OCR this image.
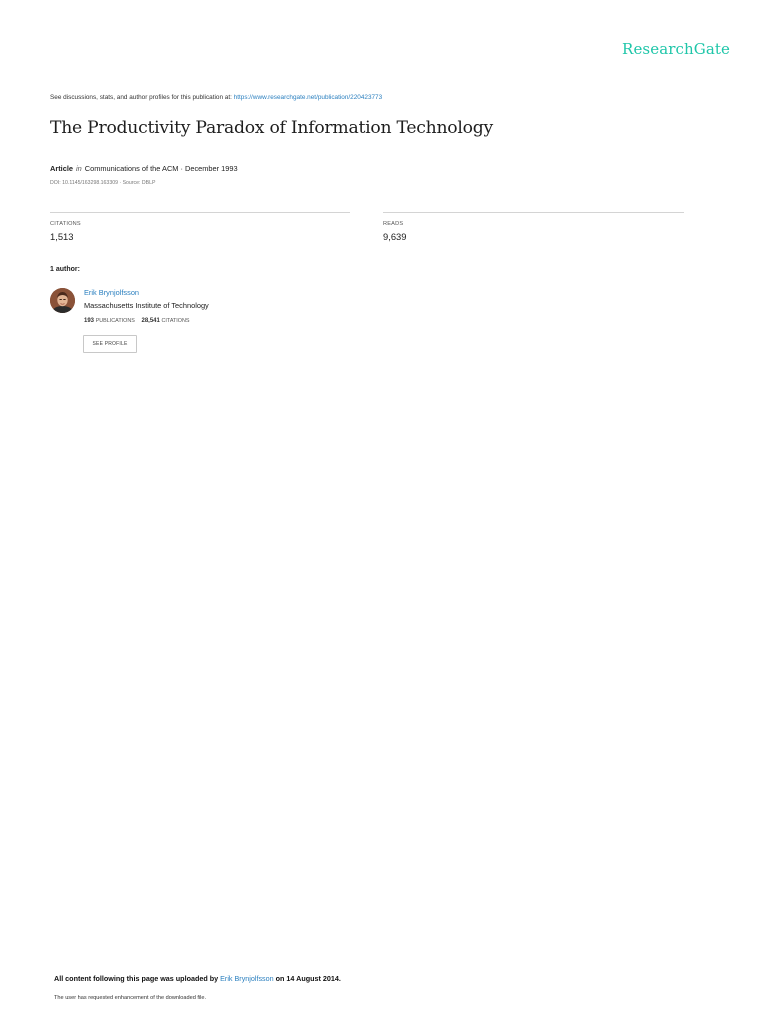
ResearchGate
See discussions, stats, and author profiles for this publication at: https://www.researchgate.net/publication/220423773
The Productivity Paradox of Information Technology
Article in Communications of the ACM · December 1993
DOI: 10.1145/163298.163309 · Source: DBLP
CITATIONS
1,513
READS
9,639
1 author:
Erik Brynjolfsson
Massachusetts Institute of Technology
193 PUBLICATIONS 28,541 CITATIONS
SEE PROFILE
All content following this page was uploaded by Erik Brynjolfsson on 14 August 2014.
The user has requested enhancement of the downloaded file.
